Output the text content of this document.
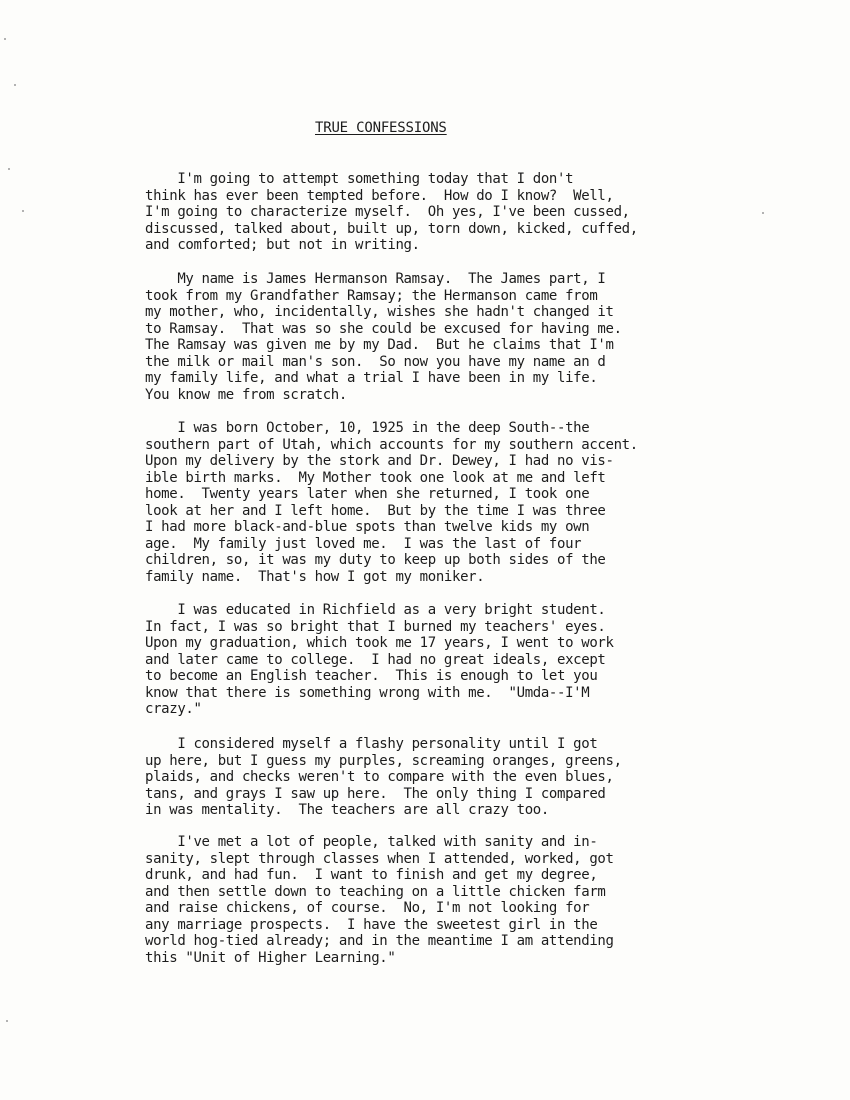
TRUE CONFESSIONS
I'm going to attempt something today that I don't
think has ever been tempted before.  How do I know?  Well,
I'm going to characterize myself.  Oh yes, I've been cussed,
discussed, talked about, built up, torn down, kicked, cuffed,
and comforted; but not in writing.
My name is James Hermanson Ramsay.  The James part, I
took from my Grandfather Ramsay; the Hermanson came from
my mother, who, incidentally, wishes she hadn't changed it
to Ramsay.  That was so she could be excused for having me.
The Ramsay was given me by my Dad.  But he claims that I'm
the milk or mail man's son.  So now you have my name an d
my family life, and what a trial I have been in my life.
You know me from scratch.
I was born October, 10, 1925 in the deep South--the
southern part of Utah, which accounts for my southern accent.
Upon my delivery by the stork and Dr. Dewey, I had no vis-
ible birth marks.  My Mother took one look at me and left
home.  Twenty years later when she returned, I took one
look at her and I left home.  But by the time I was three
I had more black-and-blue spots than twelve kids my own
age.  My family just loved me.  I was the last of four
children, so, it was my duty to keep up both sides of the
family name.  That's how I got my moniker.
I was educated in Richfield as a very bright student.
In fact, I was so bright that I burned my teachers' eyes.
Upon my graduation, which took me 17 years, I went to work
and later came to college.  I had no great ideals, except
to become an English teacher.  This is enough to let you
know that there is something wrong with me.  "Umda--I'M
crazy."
I considered myself a flashy personality until I got
up here, but I guess my purples, screaming oranges, greens,
plaids, and checks weren't to compare with the even blues,
tans, and grays I saw up here.  The only thing I compared
in was mentality.  The teachers are all crazy too.
I've met a lot of people, talked with sanity and in-
sanity, slept through classes when I attended, worked, got
drunk, and had fun.  I want to finish and get my degree,
and then settle down to teaching on a little chicken farm
and raise chickens, of course.  No, I'm not looking for
any marriage prospects.  I have the sweetest girl in the
world hog-tied already; and in the meantime I am attending
this "Unit of Higher Learning."
